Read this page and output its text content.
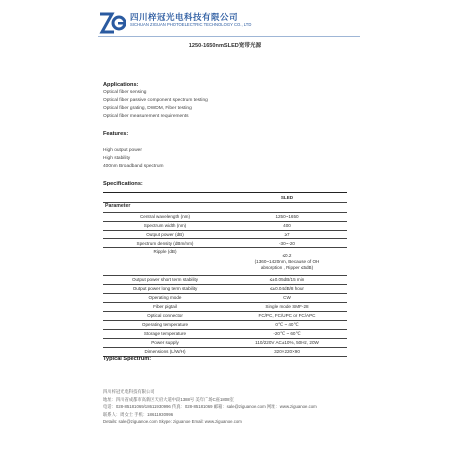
四川梓冠光电科技有限公司
SICHUAN ZIGUAN PHOTOELECTRIC TECHNOLOGY CO., LTD
1250-1650nmSLED宽带光源
Applications:
Optical fiber sensing
Optical fiber passive component spectrum testing
Optical fiber grating, DWDM, Fiber testing
Optical fiber measurement requirements
Features:
High output power
High stability
400nm Broadband spectrum
Specifications:
	SLED
Parameter	
Central wavelength (nm)	1250~1650
Spectrum width (nm)	400
Output power (dB)	≥7
Spectrum density (dBm/nm)	-30~-20
Ripple (dB)	≤0.2
(1360~1420nm, Because of OH
absorption , Ripper ≤5dB)

Output power short term stability	≤±0.05dB/15 min
Output power long term stability	≤±0.04dB/8 hour
Operating mode	CW
Fiber pigtail	Single mode SMF-28
Optical connector	FC/PC, FC/UPC or FC/APC
Operating temperature	0℃ ~ 40℃
Storage temperature	-20℃ ~ 60℃
Power supply	110/220V AC±10%, 50Hz, 20W
Dimensions (L/W/H)	320×220×90
Typical Spectrum:
四川梓冠光电科技有限公司
地址：四川省成都市高新区天府大道中段1388号 美年广场C座1808室
电话：028-85181069/18611930996 传真：028-85181069 邮箱：sale@ziguanoe.com 网址：www.ziguanoe.com
联系人：周女士 手机：18611930996
Details: sale@ziguanoe.com Skype: ziguanoe Email: www.ziguanoe.com
